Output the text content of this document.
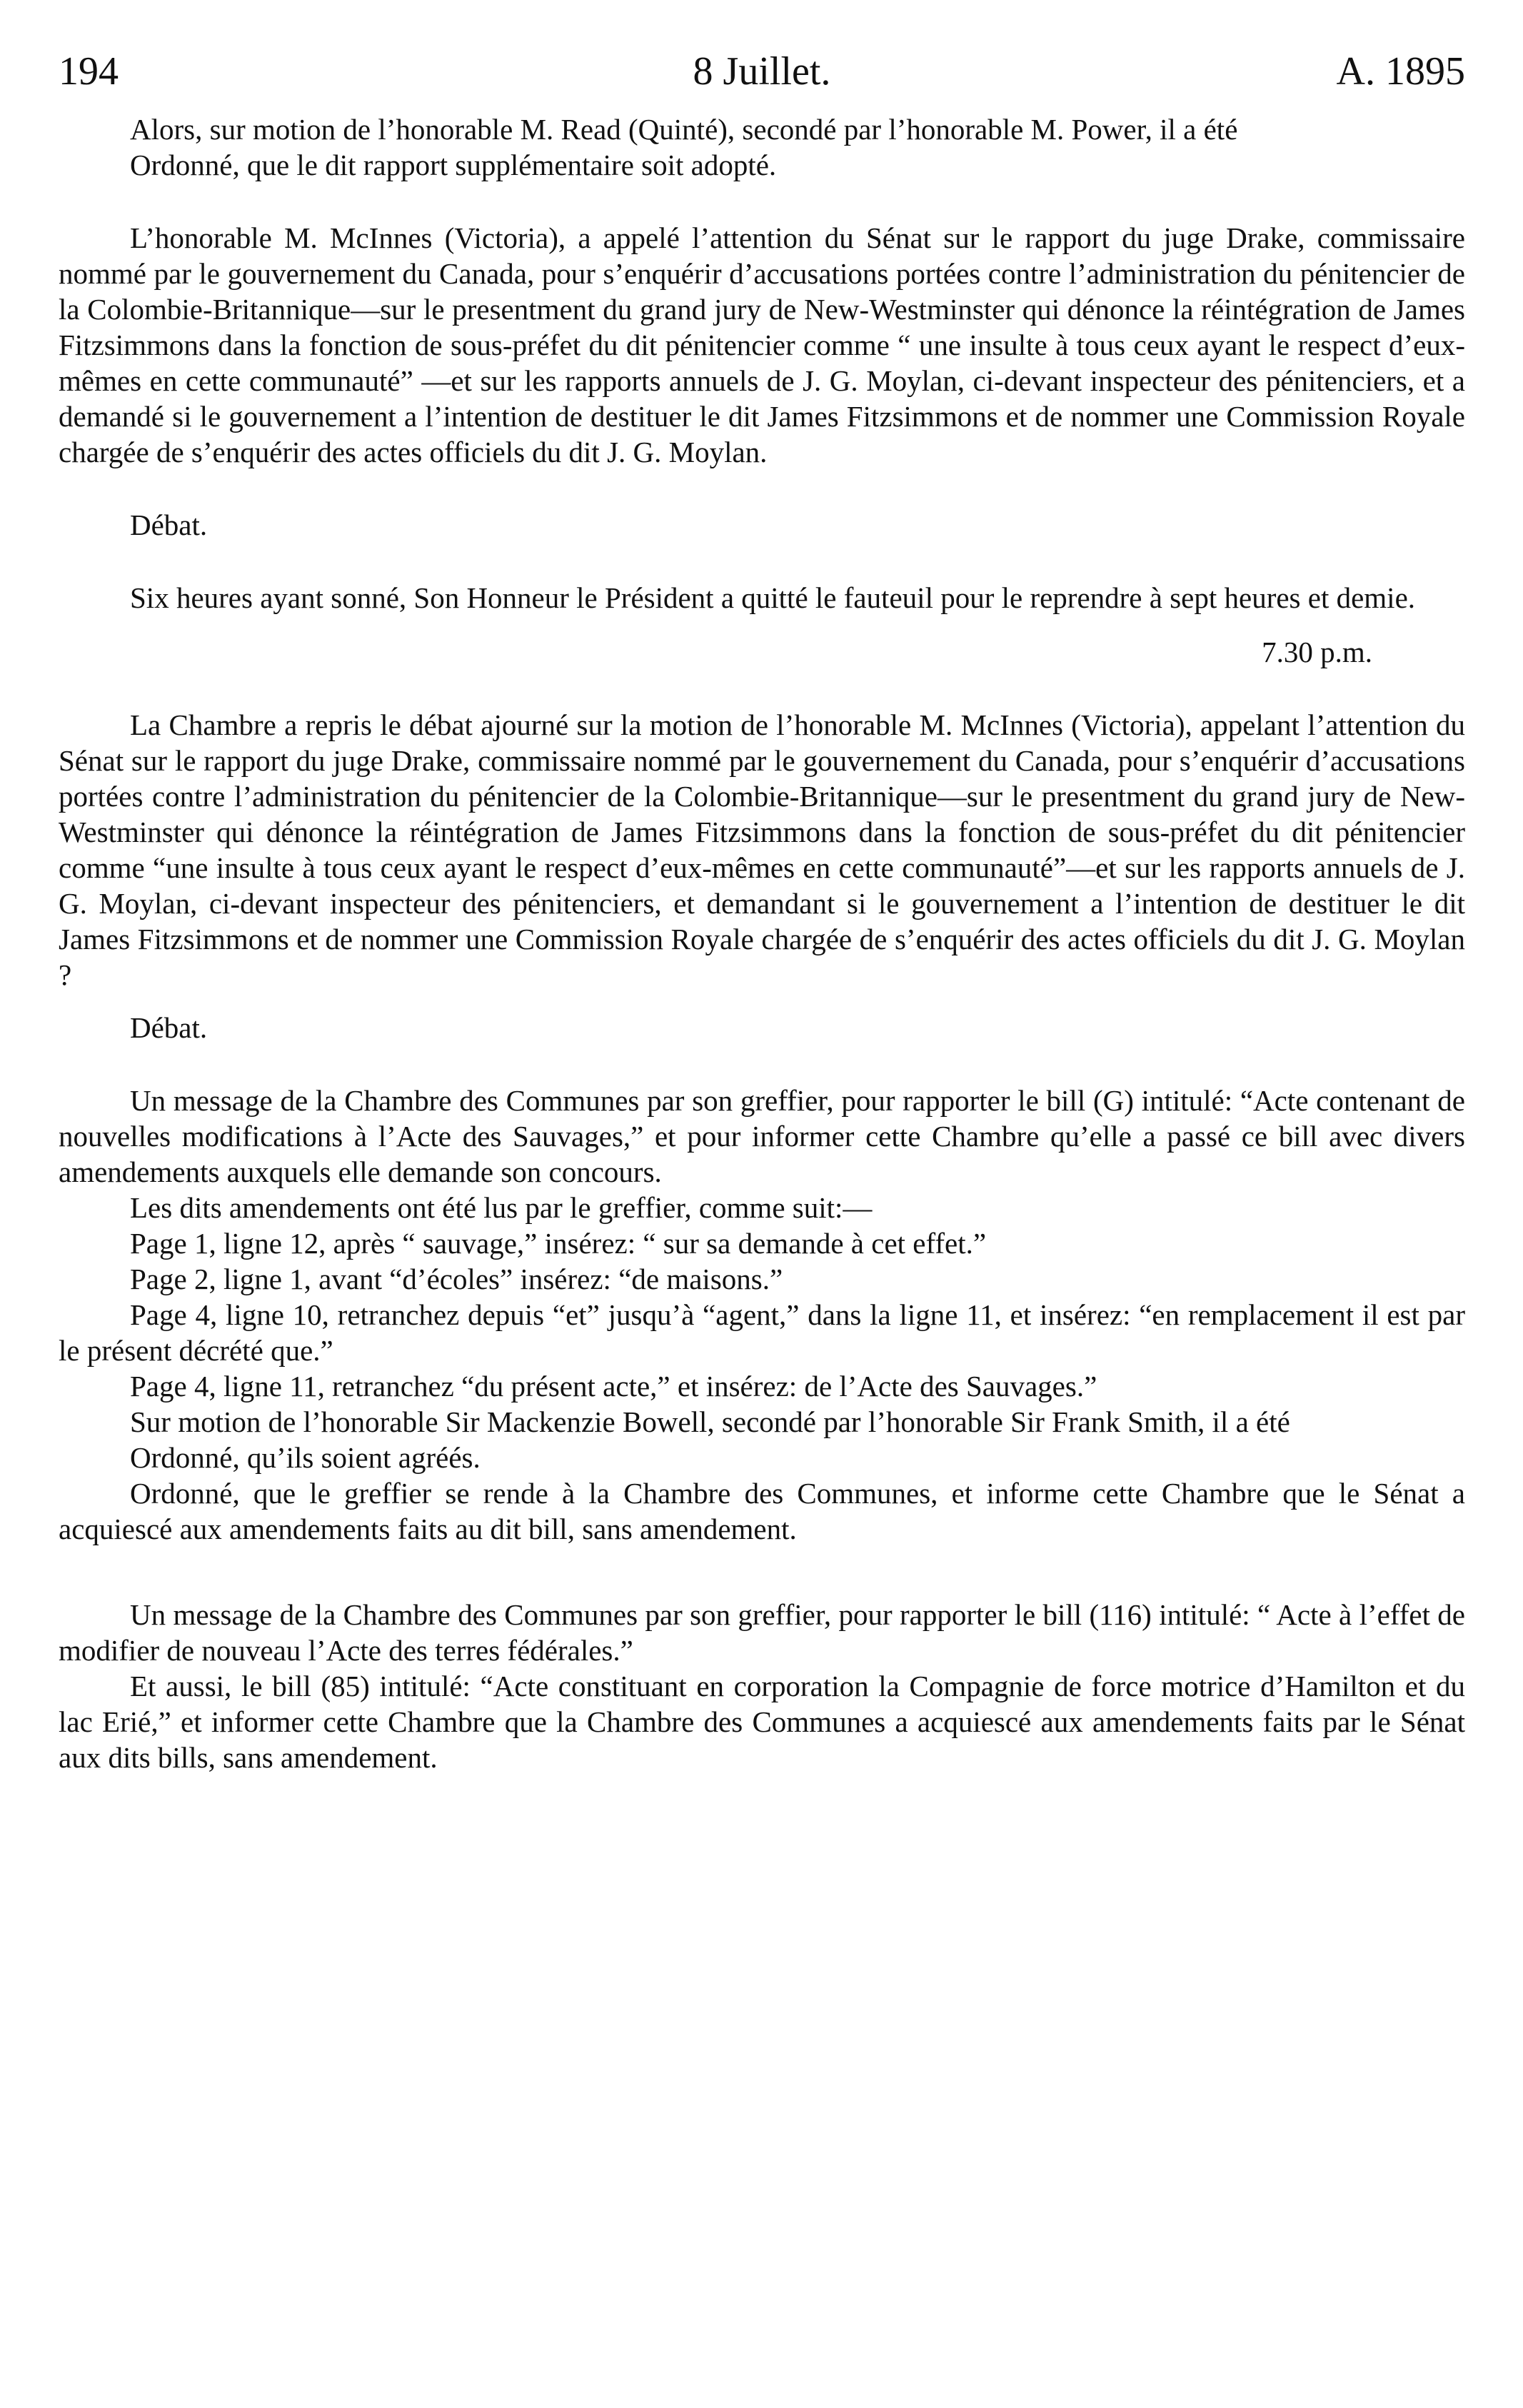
194	8 Juillet.	A. 1895

Alors, sur motion de l’honorable M. Read (Quinté), secondé par l’honorable M. Power, il a été

Ordonné, que le dit rapport supplémentaire soit adopté.

L’honorable M. McInnes (Victoria), a appelé l’attention du Sénat sur le rapport du juge Drake, commissaire nommé par le gouvernement du Canada, pour s’enquérir d’accusations portées contre l’administration du pénitencier de la Colombie-Britannique—sur le presentment du grand jury de New-Westminster qui dénonce la réintégration de James Fitzsimmons dans la fonction de sous-préfet du dit pénitencier comme “ une insulte à tous ceux ayant le respect d’eux-mêmes en cette communauté” —et sur les rapports annuels de J. G. Moylan, ci-devant inspecteur des pénitenciers, et a demandé si le gouvernement a l’intention de destituer le dit James Fitzsimmons et de nommer une Commission Royale chargée de s’enquérir des actes officiels du dit J. G. Moylan.

Débat.

Six heures ayant sonné, Son Honneur le Président a quitté le fauteuil pour le reprendre à sept heures et demie.

7.30 p.m.

La Chambre a repris le débat ajourné sur la motion de l’honorable M. McInnes (Victoria), appelant l’attention du Sénat sur le rapport du juge Drake, commissaire nommé par le gouvernement du Canada, pour s’enquérir d’accusations portées contre l’administration du pénitencier de la Colombie-Britannique—sur le presentment du grand jury de New-Westminster qui dénonce la réintégration de James Fitzsimmons dans la fonction de sous-préfet du dit pénitencier comme “une insulte à tous ceux ayant le respect d’eux-mêmes en cette communauté”—et sur les rapports annuels de J. G. Moylan, ci-devant inspecteur des pénitenciers, et demandant si le gouvernement a l’intention de destituer le dit James Fitzsimmons et de nommer une Commission Royale chargée de s’enquérir des actes officiels du dit J. G. Moylan ?

Débat.

Un message de la Chambre des Communes par son greffier, pour rapporter le bill (G) intitulé: “Acte contenant de nouvelles modifications à l’Acte des Sauvages,” et pour informer cette Chambre qu’elle a passé ce bill avec divers amendements auxquels elle demande son concours.

Les dits amendements ont été lus par le greffier, comme suit:—

Page 1, ligne 12, après “ sauvage,” insérez: “ sur sa demande à cet effet.”

Page 2, ligne 1, avant “d’écoles” insérez: “de maisons.”

Page 4, ligne 10, retranchez depuis “et” jusqu’à “agent,” dans la ligne 11, et insérez: “en remplacement il est par le présent décrété que.”

Page 4, ligne 11, retranchez “du présent acte,” et insérez: de l’Acte des Sauvages.”

Sur motion de l’honorable Sir Mackenzie Bowell, secondé par l’honorable Sir Frank Smith, il a été

Ordonné, qu’ils soient agréés.

Ordonné, que le greffier se rende à la Chambre des Communes, et informe cette Chambre que le Sénat a acquiescé aux amendements faits au dit bill, sans amendement.

Un message de la Chambre des Communes par son greffier, pour rapporter le bill (116) intitulé: “ Acte à l’effet de modifier de nouveau l’Acte des terres fédérales.”

Et aussi, le bill (85) intitulé: “Acte constituant en corporation la Compagnie de force motrice d’Hamilton et du lac Erié,” et informer cette Chambre que la Chambre des Communes a acquiescé aux amendements faits par le Sénat aux dits bills, sans amendement.
